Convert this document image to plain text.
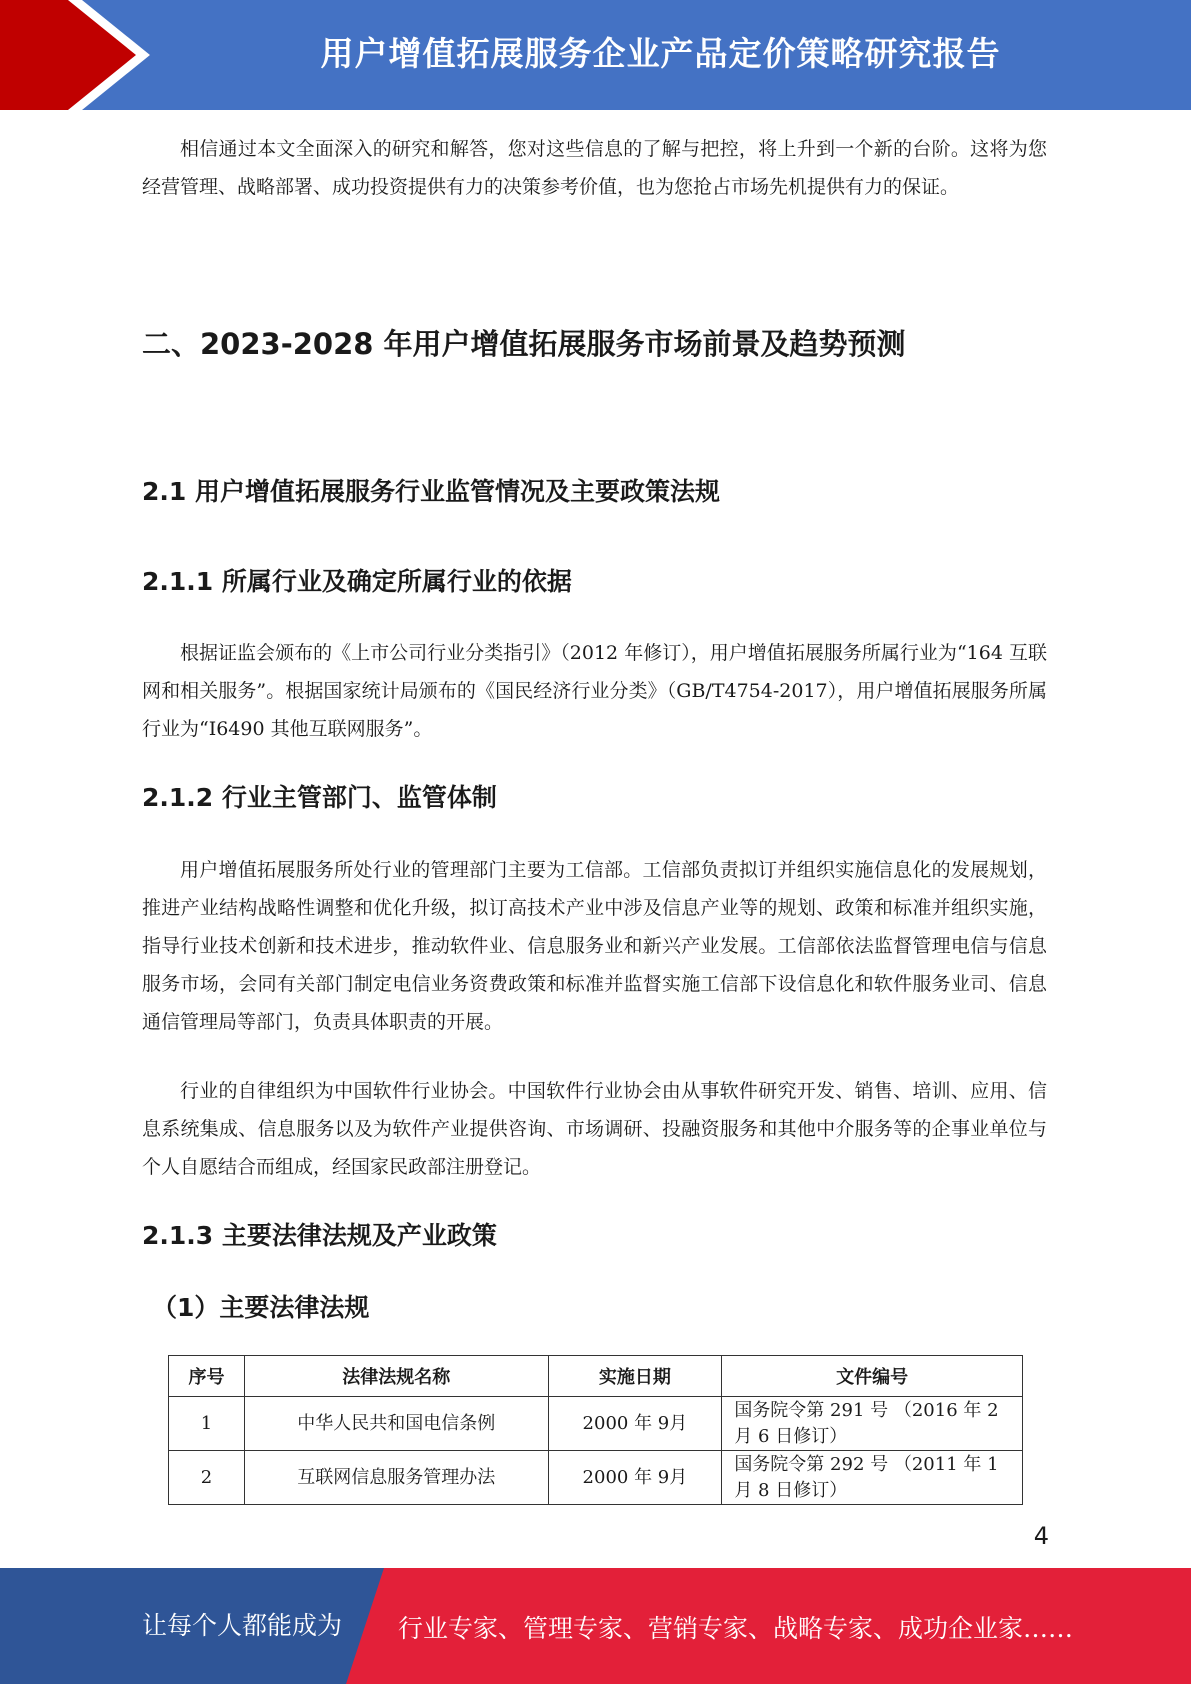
用户增值拓展服务企业产品定价策略研究报告

相信通过本文全面深入的研究和解答，您对这些信息的了解与把控，将上升到一个新的台阶。这将为您经营管理、战略部署、成功投资提供有力的决策参考价值，也为您抢占市场先机提供有力的保证。

二、2023-2028 年用户增值拓展服务市场前景及趋势预测
2.1 用户增值拓展服务行业监管情况及主要政策法规
2.1.1 所属行业及确定所属行业的依据

根据证监会颁布的《上市公司行业分类指引》（2012 年修订），用户增值拓展服务所属行业为“164 互联网和相关服务”。根据国家统计局颁布的《国民经济行业分类》（GB/T4754-2017），用户增值拓展服务所属行业为“I6490 其他互联网服务”。

2.1.2 行业主管部门、监管体制

用户增值拓展服务所处行业的管理部门主要为工信部。工信部负责拟订并组织实施信息化的发展规划，推进产业结构战略性调整和优化升级，拟订高技术产业中涉及信息产业等的规划、政策和标准并组织实施，指导行业技术创新和技术进步，推动软件业、信息服务业和新兴产业发展。工信部依法监督管理电信与信息服务市场，会同有关部门制定电信业务资费政策和标准并监督实施工信部下设信息化和软件服务业司、信息通信管理局等部门，负责具体职责的开展。

行业的自律组织为中国软件行业协会。中国软件行业协会由从事软件研究开发、销售、培训、应用、信息系统集成、信息服务以及为软件产业提供咨询、市场调研、投融资服务和其他中介服务等的企事业单位与个人自愿结合而组成，经国家民政部注册登记。

2.1.3 主要法律法规及产业政策
（1）主要法律法规
序号	法律法规名称	实施日期	文件编号
1	中华人民共和国电信条例	2000 年 9月	国务院令第 291 号 （2016 年 2 月 6 日修订）
2	互联网信息服务管理办法	2000 年 9月	国务院令第 292 号 （2011 年 1 月 8 日修订）
4
让每个人都能成为 行业专家、管理专家、营销专家、战略专家、成功企业家……
